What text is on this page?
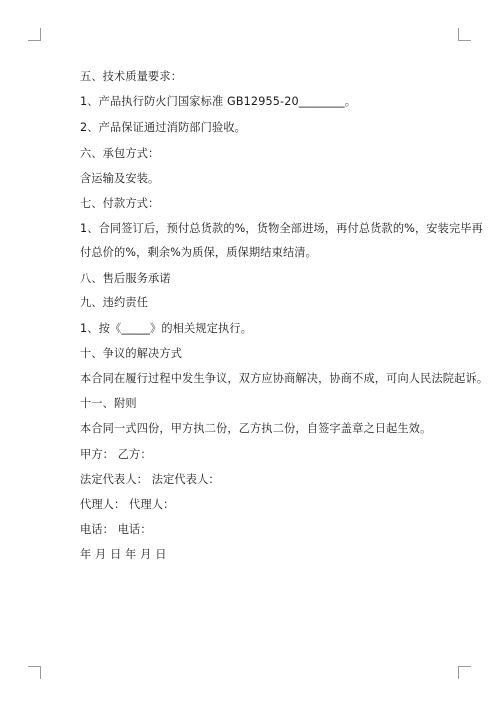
五、技术质量要求：
1、产品执行防火门国家标准 GB12955-20________。
2、产品保证通过消防部门验收。
六、承包方式：
含运输及安装。
七、付款方式：
1、合同签订后，预付总货款的%，货物全部进场，再付总货款的%，安装完毕再
付总价的%，剩余%为质保，质保期结束结清。
八、售后服务承诺
九、违约责任
1、按《_____》的相关规定执行。
十、争议的解决方式
本合同在履行过程中发生争议，双方应协商解决，协商不成，可向人民法院起诉。
十一、附则
本合同一式四份，甲方执二份，乙方执二份，自签字盖章之日起生效。
甲方： 乙方：
法定代表人： 法定代表人：
代理人： 代理人：
电话： 电话：
年 月 日 年 月 日
